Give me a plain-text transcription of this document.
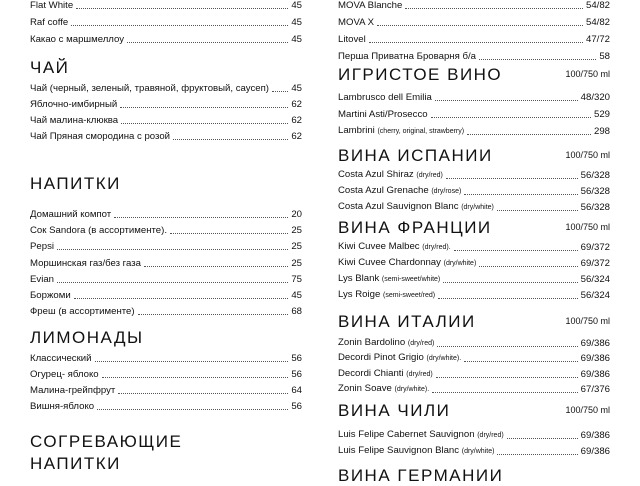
Flat White	45
Raf coffe	45
Какао с маршмеллоу	45
ЧАЙ
Чай (черный, зеленый, травяной, фруктовый, саусеп) 45
Яблочно-имбирный	62
Чай малина-клюква	62
Чай Пряная смородина с розой	62
НАПИТКИ
Домашний компот	20
Сок Sandora (в ассортименте).	25
Pepsi	25
Моршинская газ/без газа	25
Evian	75
Боржоми	45
Фреш (в ассортименте)	68
ЛИМОНАДЫ
Классический	56
Огурец- яблоко	56
Малина-грейпфрут	64
Вишня-яблоко	56
СОГРЕВАЮЩИЕ
НАПИТКИ
MOVA Blanche	54/82
MOVA X	54/82
Litovel	47/72
Перша Приватна Броварня б/а	58
ИГРИСТОЕ ВИНО	100/750 ml
Lambrusco dell Emilia	48/320
Martini Asti/Prosecco	529
Lambrini (cherry, original, strawberry)	298
ВИНА ИСПАНИИ	100/750 ml
Costa Azul Shiraz (dry/red)	56/328
Costa Azul Grenache (dry/rose)	56/328
Costa Azul Sauvignon Blanc (dry/white)	56/328
ВИНА ФРАНЦИИ	100/750 ml
Kiwi Cuvee Malbec (dry/red).	69/372
Kiwi Cuvee Chardonnay (dry/white)	69/372
Lys Blank (semi-sweet/white)	56/324
Lys Roige (semi-sweet/red)	56/324
ВИНА ИТАЛИИ	100/750 ml
Zonin Bardolino (dry/red)	69/386
Decordi Pinot Grigio (dry/white).	69/386
Decordi Chianti (dry/red)	69/386
Zonin Soave (dry/white).	67/376
ВИНА ЧИЛИ	100/750 ml
Luis Felipe Cabernet Sauvignon (dry/red)	69/386
Luis Felipe Sauvignon Blanc (dry/white)	69/386
ВИНА ГЕРМАНИИ
